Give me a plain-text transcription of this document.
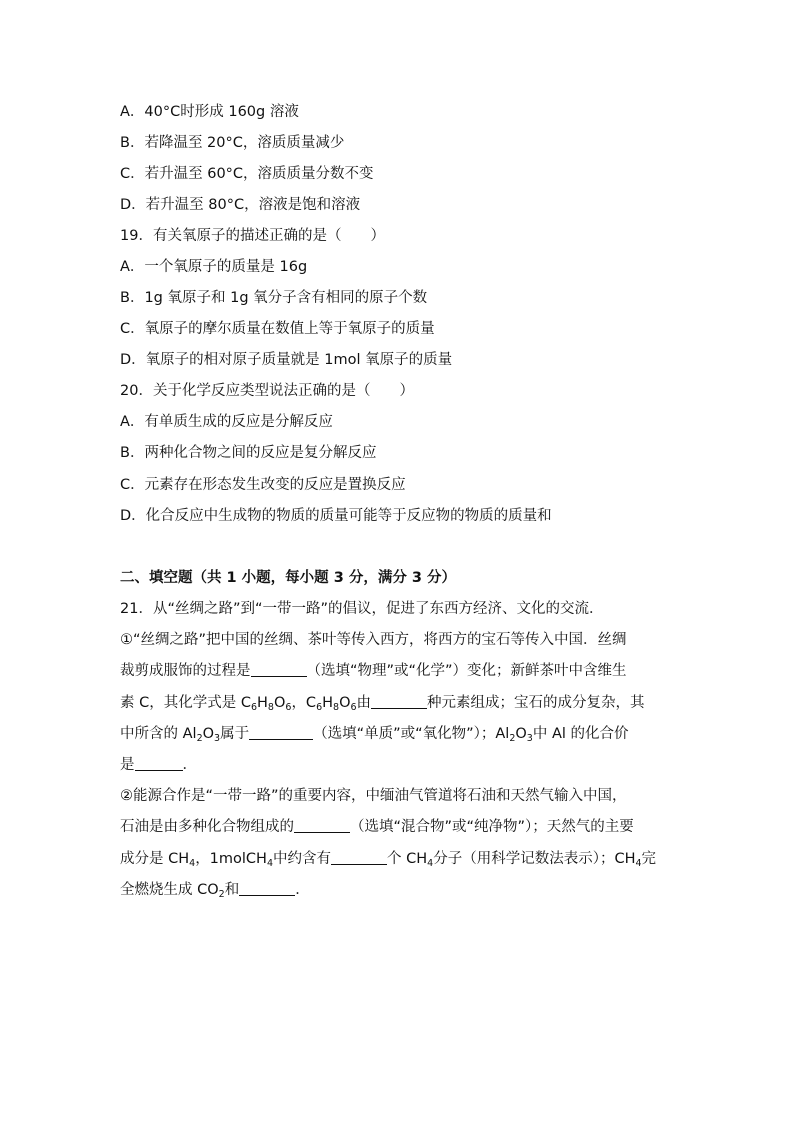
A．40°C时形成 160g 溶液
B．若降温至 20°C，溶质质量减少
C．若升温至 60°C，溶质质量分数不变
D．若升温至 80°C，溶液是饱和溶液
19．有关氧原子的描述正确的是（　　）
A．一个氧原子的质量是 16g
B．1g 氧原子和 1g 氧分子含有相同的原子个数
C．氧原子的摩尔质量在数值上等于氧原子的质量
D．氧原子的相对原子质量就是 1mol 氧原子的质量
20．关于化学反应类型说法正确的是（　　）
A．有单质生成的反应是分解反应
B．两种化合物之间的反应是复分解反应
C．元素存在形态发生改变的反应是置换反应
D．化合反应中生成物的物质的质量可能等于反应物的物质的质量和
二、填空题（共 1 小题，每小题 3 分，满分 3 分）
21．从“丝绸之路”到“一带一路”的倡议，促进了东西方经济、文化的交流．
①“丝绸之路”把中国的丝绸、茶叶等传入西方，将西方的宝石等传入中国．丝绸
裁剪成服饰的过程是	（选填“物理”或“化学”）变化；新鲜茶叶中含维生
素 C，其化学式是 $C_6H_8O_6$，$C_6H_8O_6$由	种元素组成；宝石的成分复杂，其
中所含的 $Al_2O_3$属于	（选填“单质”或“氧化物”）；$Al_2O_3$中 Al 的化合价
是	．
②能源合作是“一带一路”的重要内容，中缅油气管道将石油和天然气输入中国，
石油是由多种化合物组成的	（选填“混合物”或“纯净物”）；天然气的主要
成分是 $CH_4$，1molCH$_4$中约含有	个 $CH_4$分子（用科学记数法表示）；$CH_4$完
全燃烧生成 $CO_2$和	．
